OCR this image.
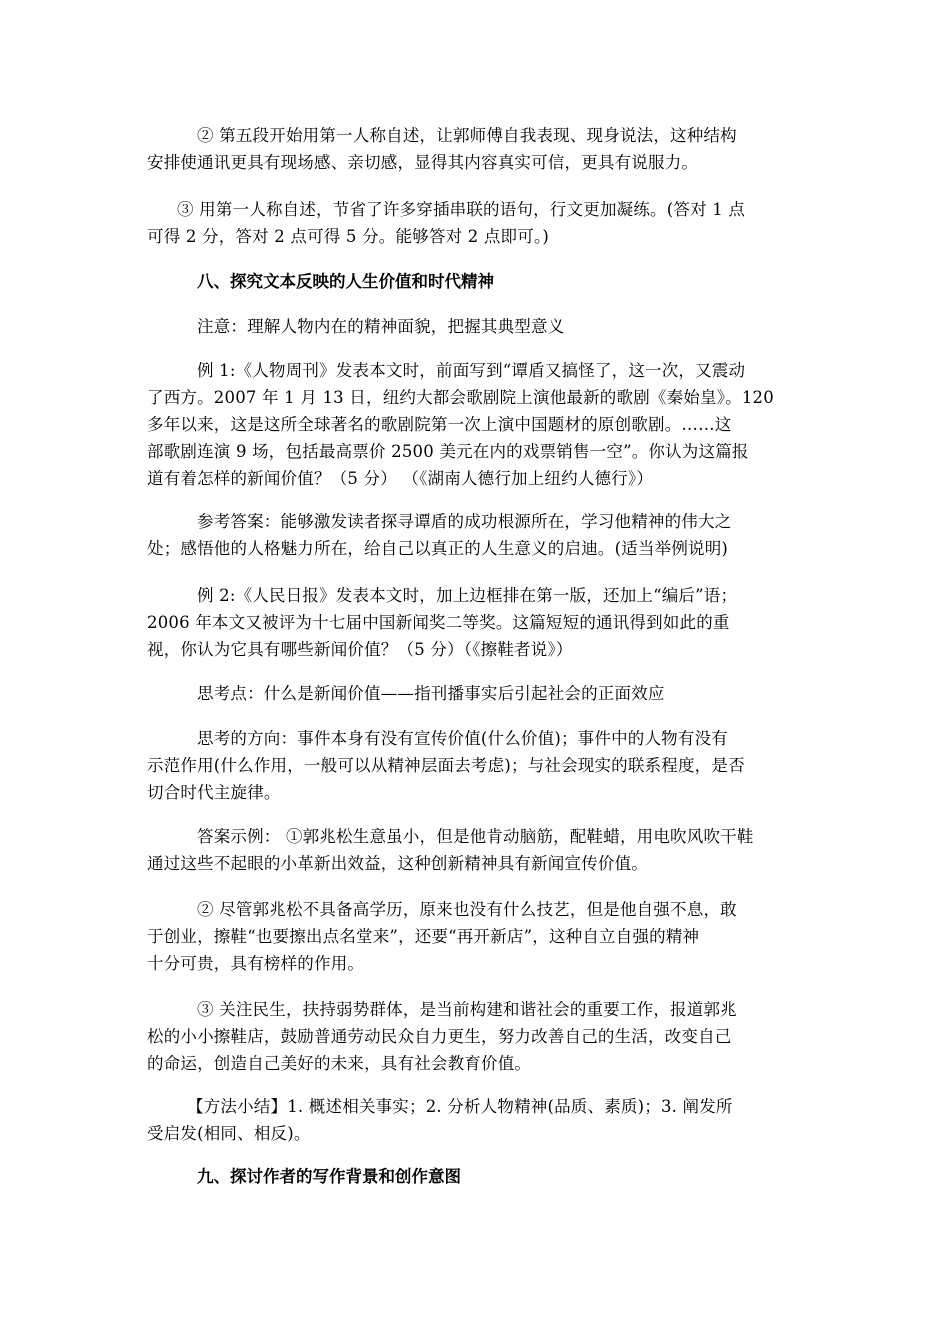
② 第五段开始用第一人称自述，让郭师傅自我表现、现身说法，这种结构
安排使通讯更具有现场感、亲切感，显得其内容真实可信，更具有说服力。

③ 用第一人称自述，节省了许多穿插串联的语句，行文更加凝练。(答对 1 点
可得 2 分，答对 2 点可得 5 分。能够答对 2 点即可。)

八、探究文本反映的人生价值和时代精神

注意：理解人物内在的精神面貌，把握其典型意义

例 1:《人物周刊》发表本文时，前面写到“谭盾又搞怪了，这一次，又震动
了西方。2007 年 1 月 13 日，纽约大都会歌剧院上演他最新的歌剧《秦始皇》。120
多年以来，这是这所全球著名的歌剧院第一次上演中国题材的原创歌剧。……这
部歌剧连演 9 场，包括最高票价 2500 美元在内的戏票销售一空”。你认为这篇报
道有着怎样的新闻价值？（5 分） （《湖南人德行加上纽约人德行》）

参考答案：能够激发读者探寻谭盾的成功根源所在，学习他精神的伟大之
处；感悟他的人格魅力所在，给自己以真正的人生意义的启迪。(适当举例说明)

例 2:《人民日报》发表本文时，加上边框排在第一版，还加上“编后”语；
2006 年本文又被评为十七届中国新闻奖二等奖。这篇短短的通讯得到如此的重
视，你认为它具有哪些新闻价值？（5 分）（《擦鞋者说》）

思考点：什么是新闻价值——指刊播事实后引起社会的正面效应

思考的方向：事件本身有没有宣传价值(什么价值)；事件中的人物有没有
示范作用(什么作用，一般可以从精神层面去考虑)；与社会现实的联系程度，是否
切合时代主旋律。

答案示例： ①郭兆松生意虽小，但是他肯动脑筋，配鞋蜡，用电吹风吹干鞋
通过这些不起眼的小革新出效益，这种创新精神具有新闻宣传价值。

② 尽管郭兆松不具备高学历，原来也没有什么技艺，但是他自强不息，敢
于创业，擦鞋“也要擦出点名堂来”，还要“再开新店”，这种自立自强的精神
十分可贵，具有榜样的作用。

③ 关注民生，扶持弱势群体，是当前构建和谐社会的重要工作，报道郭兆
松的小小擦鞋店，鼓励普通劳动民众自力更生，努力改善自己的生活，改变自己
的命运，创造自己美好的未来，具有社会教育价值。

【方法小结】1. 概述相关事实；2. 分析人物精神(品质、素质)；3. 阐发所
受启发(相同、相反)。

九、探讨作者的写作背景和创作意图
